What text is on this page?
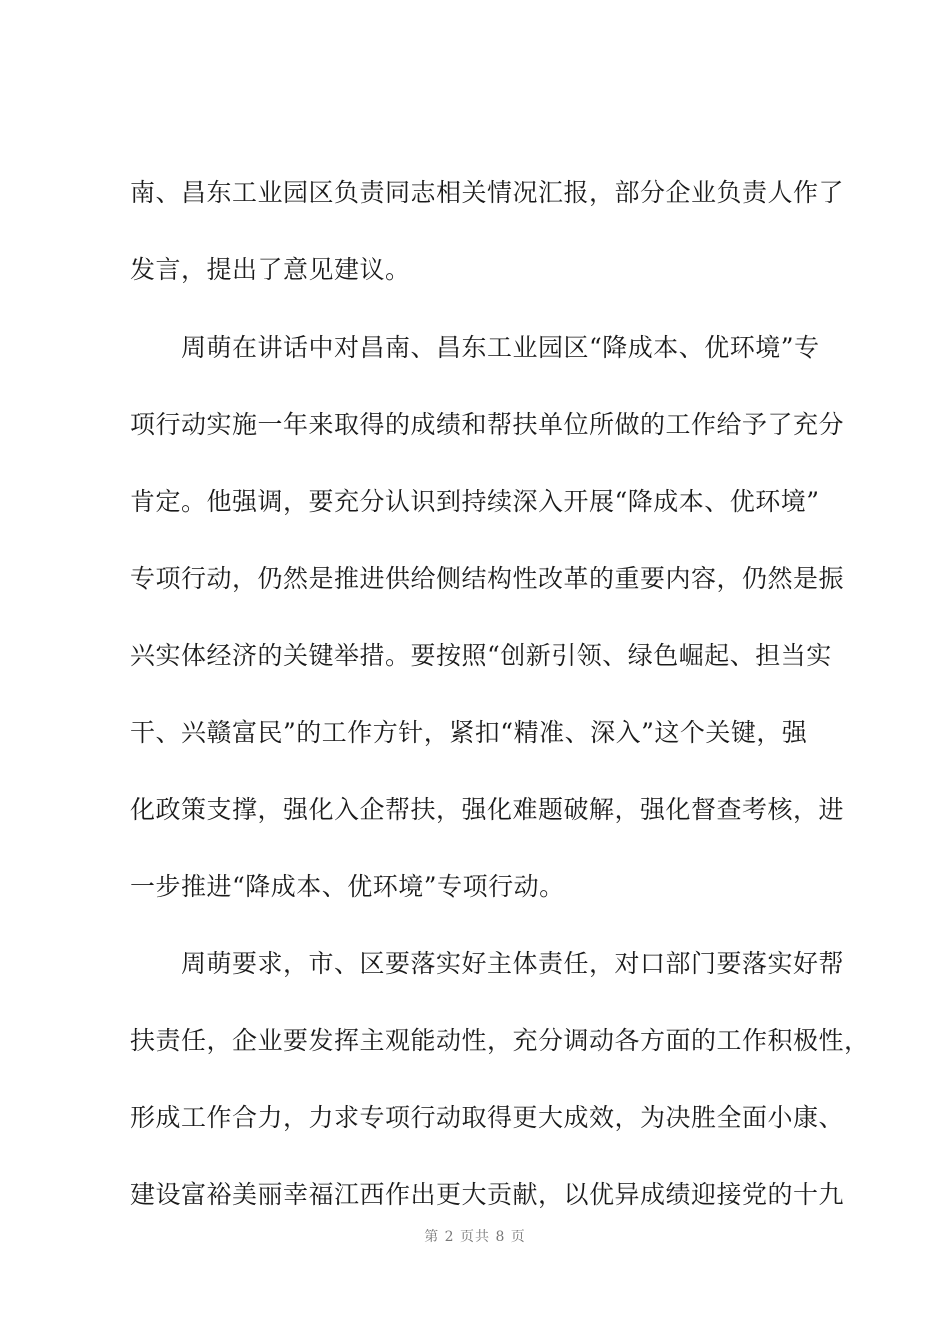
南、昌东工业园区负责同志相关情况汇报，部分企业负责人作了
发言，提出了意见建议。
　　周萌在讲话中对昌南、昌东工业园区“降成本、优环境”专
项行动实施一年来取得的成绩和帮扶单位所做的工作给予了充分
肯定。他强调，要充分认识到持续深入开展“降成本、优环境”
专项行动，仍然是推进供给侧结构性改革的重要内容，仍然是振
兴实体经济的关键举措。要按照“创新引领、绿色崛起、担当实
干、兴赣富民”的工作方针，紧扣“精准、深入”这个关键，强
化政策支撑，强化入企帮扶，强化难题破解，强化督查考核，进
一步推进“降成本、优环境”专项行动。
　　周萌要求，市、区要落实好主体责任，对口部门要落实好帮
扶责任，企业要发挥主观能动性，充分调动各方面的工作积极性，
形成工作合力，力求专项行动取得更大成效，为决胜全面小康、
建设富裕美丽幸福江西作出更大贡献，以优异成绩迎接党的十九
第 2 页共 8 页
